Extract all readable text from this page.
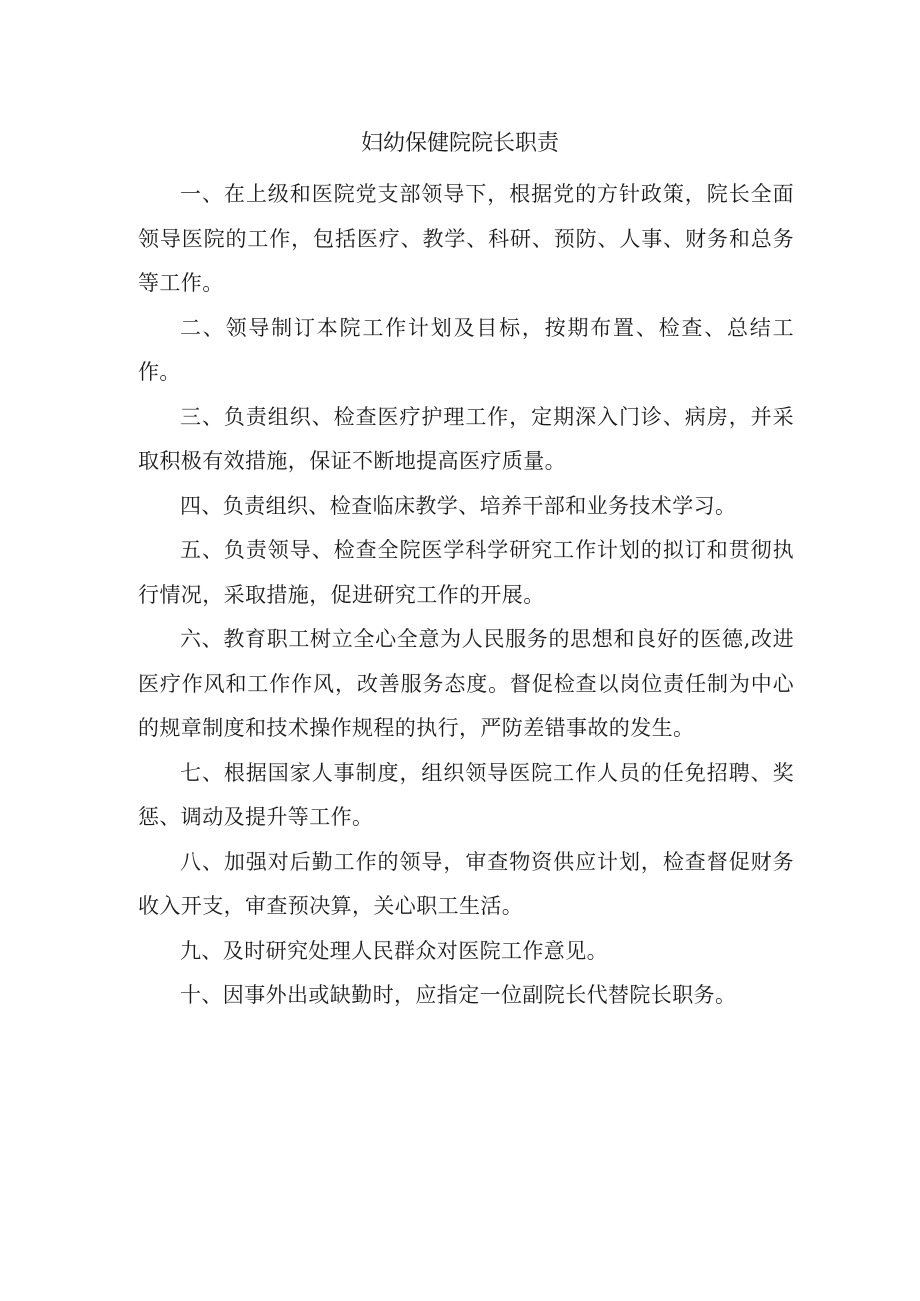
妇幼保健院院长职责

一、在上级和医院党支部领导下，根据党的方针政策，院长全面领导医院的工作，包括医疗、教学、科研、预防、人事、财务和总务等工作。

二、领导制订本院工作计划及目标，按期布置、检查、总结工作。

三、负责组织、检查医疗护理工作，定期深入门诊、病房，并采取积极有效措施，保证不断地提高医疗质量。

四、负责组织、检查临床教学、培养干部和业务技术学习。

五、负责领导、检查全院医学科学研究工作计划的拟订和贯彻执行情况，采取措施，促进研究工作的开展。

六、教育职工树立全心全意为人民服务的思想和良好的医德,改进医疗作风和工作作风，改善服务态度。督促检查以岗位责任制为中心的规章制度和技术操作规程的执行，严防差错事故的发生。

七、根据国家人事制度，组织领导医院工作人员的任免招聘、奖惩、调动及提升等工作。

八、加强对后勤工作的领导，审查物资供应计划，检查督促财务收入开支，审查预决算，关心职工生活。

九、及时研究处理人民群众对医院工作意见。

十、因事外出或缺勤时，应指定一位副院长代替院长职务。
